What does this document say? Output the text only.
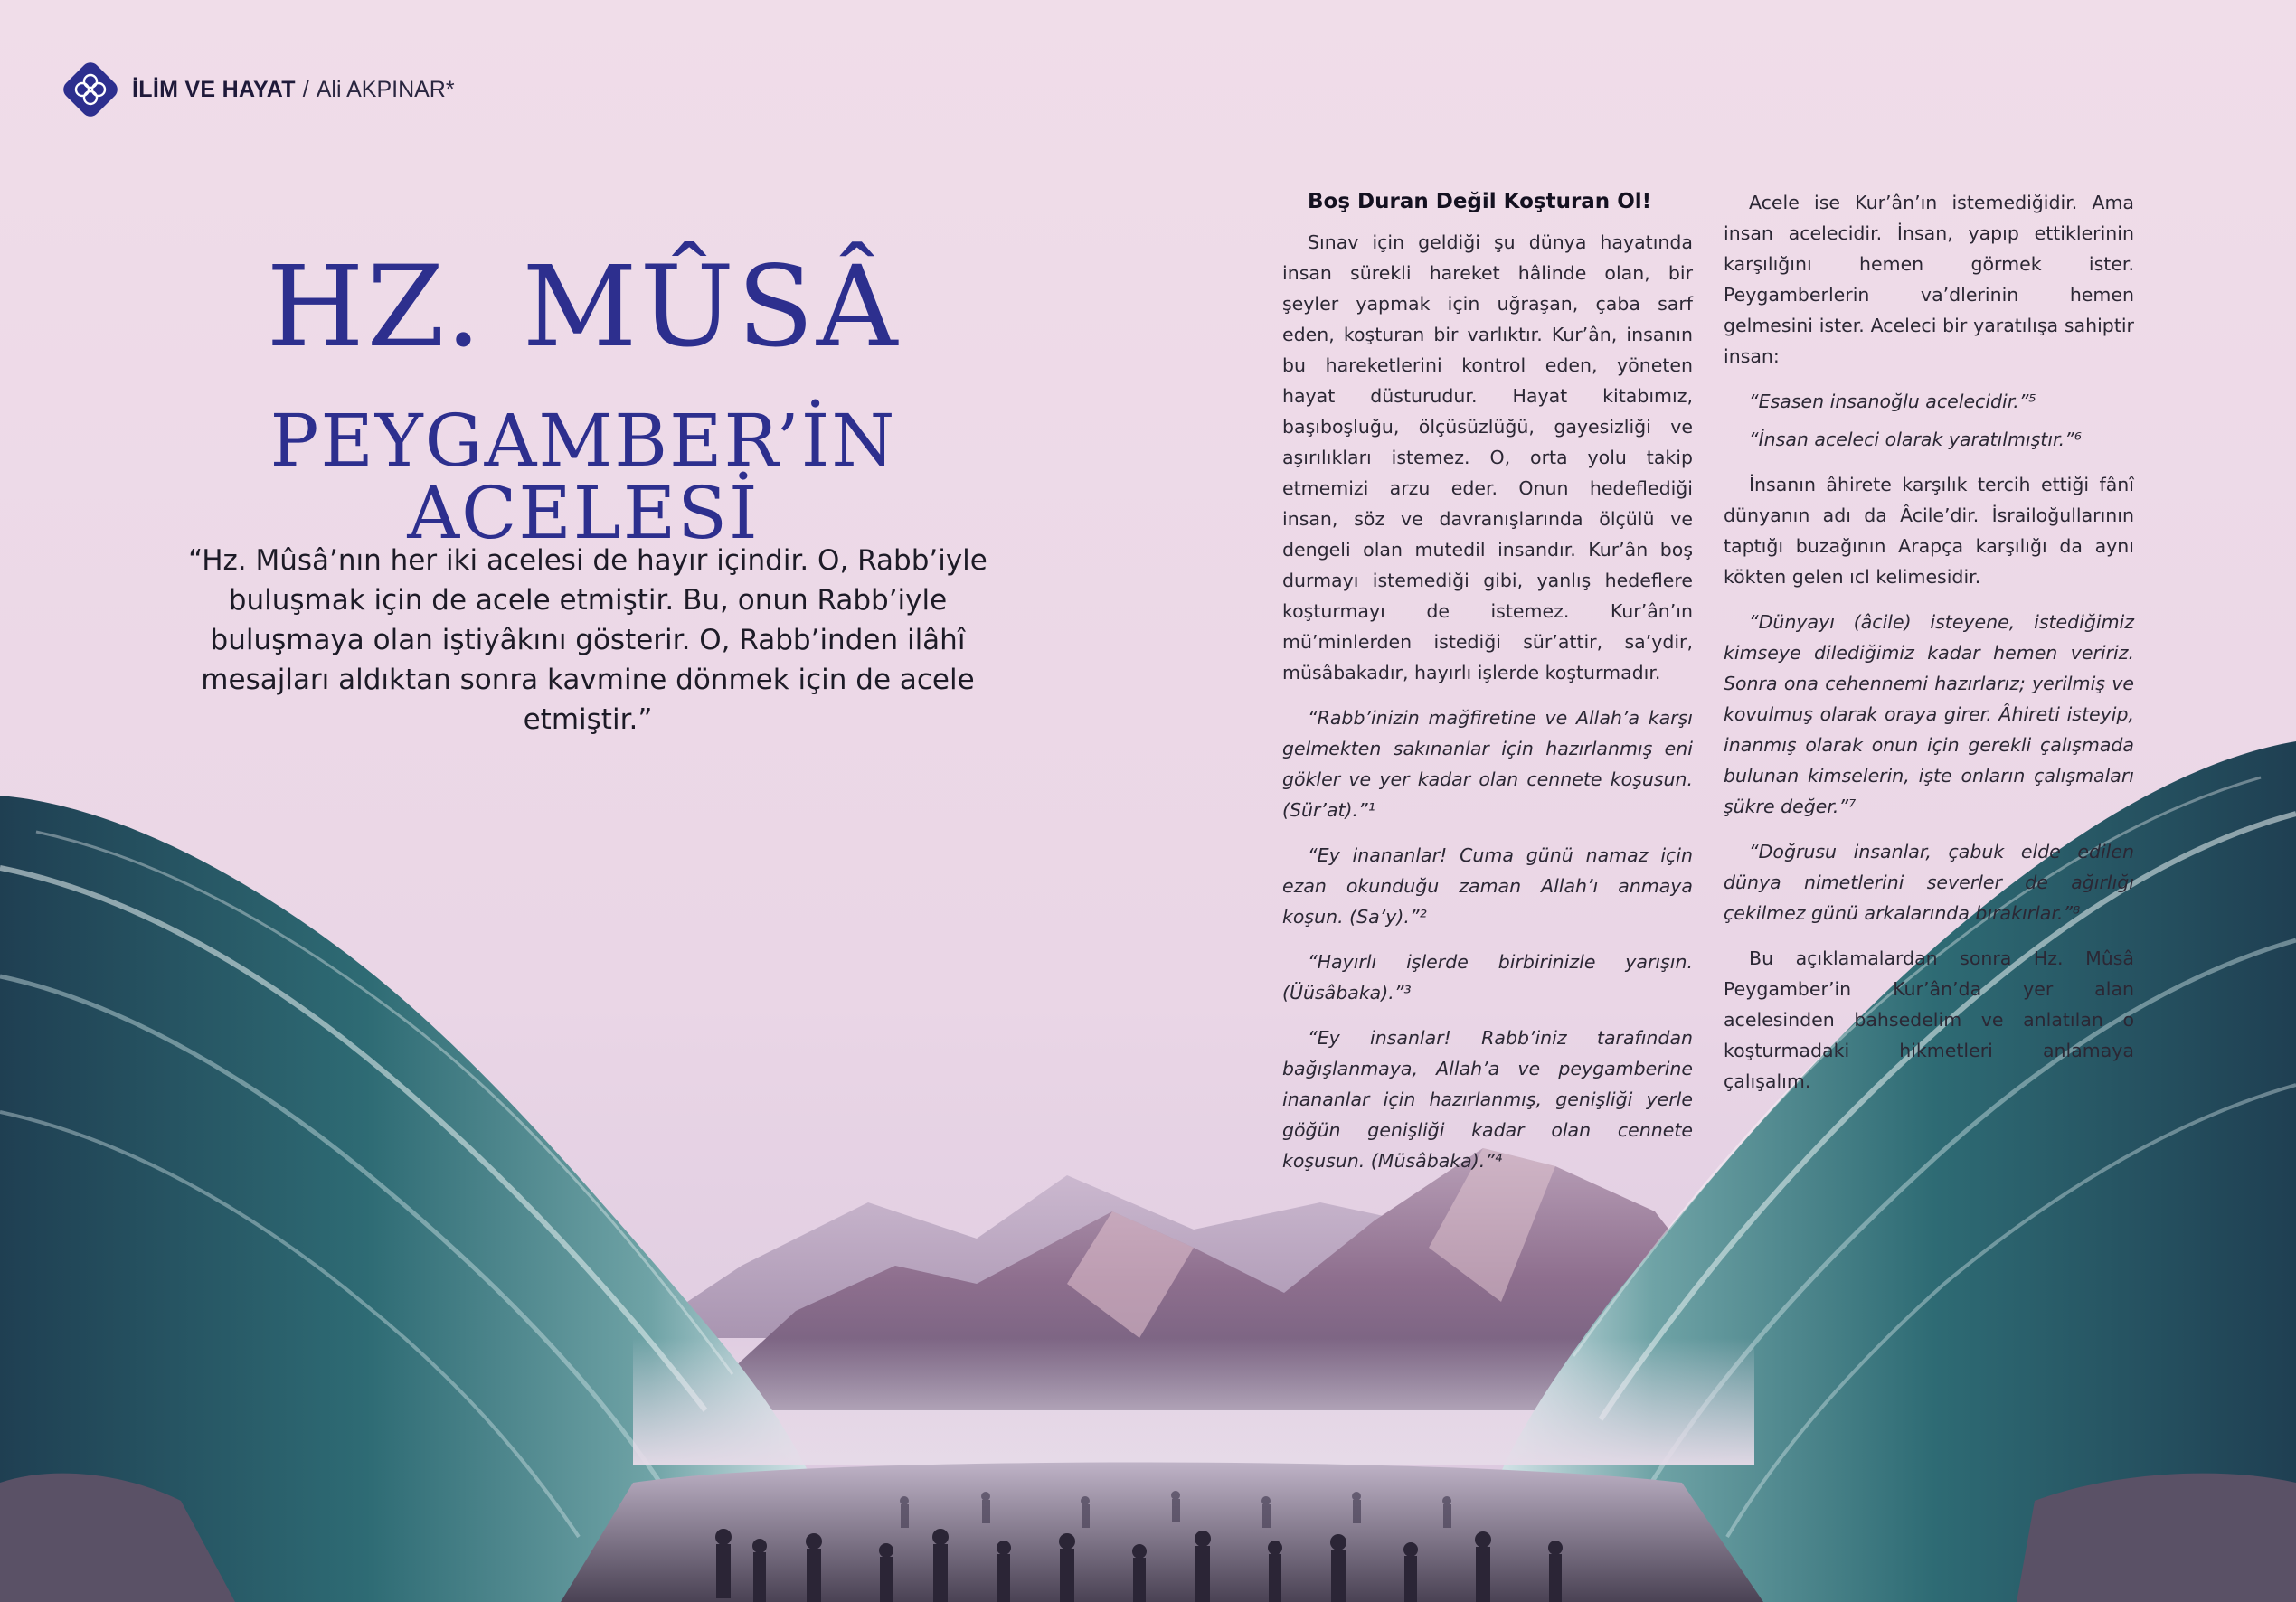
İLİM VE HAYAT / Ali AKPINAR*
HZ. MÛSÂ
PEYGAMBER’İN ACELESİ
“Hz. Mûsâ’nın her iki acelesi de hayır içindir. O, Rabb’iyle buluşmak için de acele etmiştir. Bu, onun Rabb’iyle buluşmaya olan iştiyâkını gösterir. O, Rabb’inden ilâhî mesajları aldıktan sonra kavmine dönmek için de acele etmiştir.”
Boş Duran Değil Koşturan Ol!

Sınav için geldiği şu dünya hayatında insan sürekli hareket hâlinde olan, bir şeyler yapmak için uğraşan, çaba sarf eden, koşturan bir varlıktır. Kur’ân, insanın bu hareketlerini kontrol eden, yöneten hayat düsturudur. Hayat kitabımız, başıboşluğu, ölçüsüzlüğü, gayesizliği ve aşırılıkları istemez. O, orta yolu takip etmemizi arzu eder. Onun hedeflediği insan, söz ve davranışlarında ölçülü ve dengeli olan mutedil insandır. Kur’ân boş durmayı istemediği gibi, yanlış hedeflere koşturmayı de istemez. Kur’ân’ın mü’minlerden istediği sür’attir, sa’ydir, müsâbakadır, hayırlı işlerde koşturmadır.

“Rabb’inizin mağfiretine ve Allah’a karşı gelmekten sakınanlar için hazırlanmış eni gökler ve yer kadar olan cennete koşusun. (Sür’at).”¹

“Ey inananlar! Cuma günü namaz için ezan okunduğu zaman Allah’ı anmaya koşun. (Sa’y).”²

“Hayırlı işlerde birbirinizle yarışın. (Üüsâbaka).”³

“Ey insanlar! Rabb’iniz tarafından bağışlanmaya, Allah’a ve peygamberine inananlar için hazırlanmış, genişliği yerle göğün genişliği kadar olan cennete koşusun. (Müsâbaka).”⁴

Acele ise Kur’ân’ın istemediğidir. Ama insan acelecidir. İnsan, yapıp ettiklerinin karşılığını hemen görmek ister. Peygamberlerin va’dlerinin hemen gelmesini ister. Aceleci bir yaratılışa sahiptir insan:

“Esasen insanoğlu acelecidir.”⁵

“İnsan aceleci olarak yaratılmıştır.”⁶

İnsanın âhirete karşılık tercih ettiği fânî dünyanın adı da Âcile’dir. İsrailoğullarının taptığı buzağının Arapça karşılığı da aynı kökten gelen ıcl kelimesidir.

“Dünyayı (âcile) isteyene, istediğimiz kimseye dilediğimiz kadar hemen veririz. Sonra ona cehennemi hazırlarız; yerilmiş ve kovulmuş olarak oraya girer. Âhireti isteyip, inanmış olarak onun için gerekli çalışmada bulunan kimselerin, işte onların çalışmaları şükre değer.”⁷

“Doğrusu insanlar, çabuk elde edilen dünya nimetlerini severler de ağırlığı çekilmez günü arkalarında bırakırlar.”⁸

Bu açıklamalardan sonra Hz. Mûsâ Peygamber’in Kur’ân’da yer alan acelesinden bahsedelim ve anlatılan o koşturmadaki hikmetleri anlamaya çalışalım.
